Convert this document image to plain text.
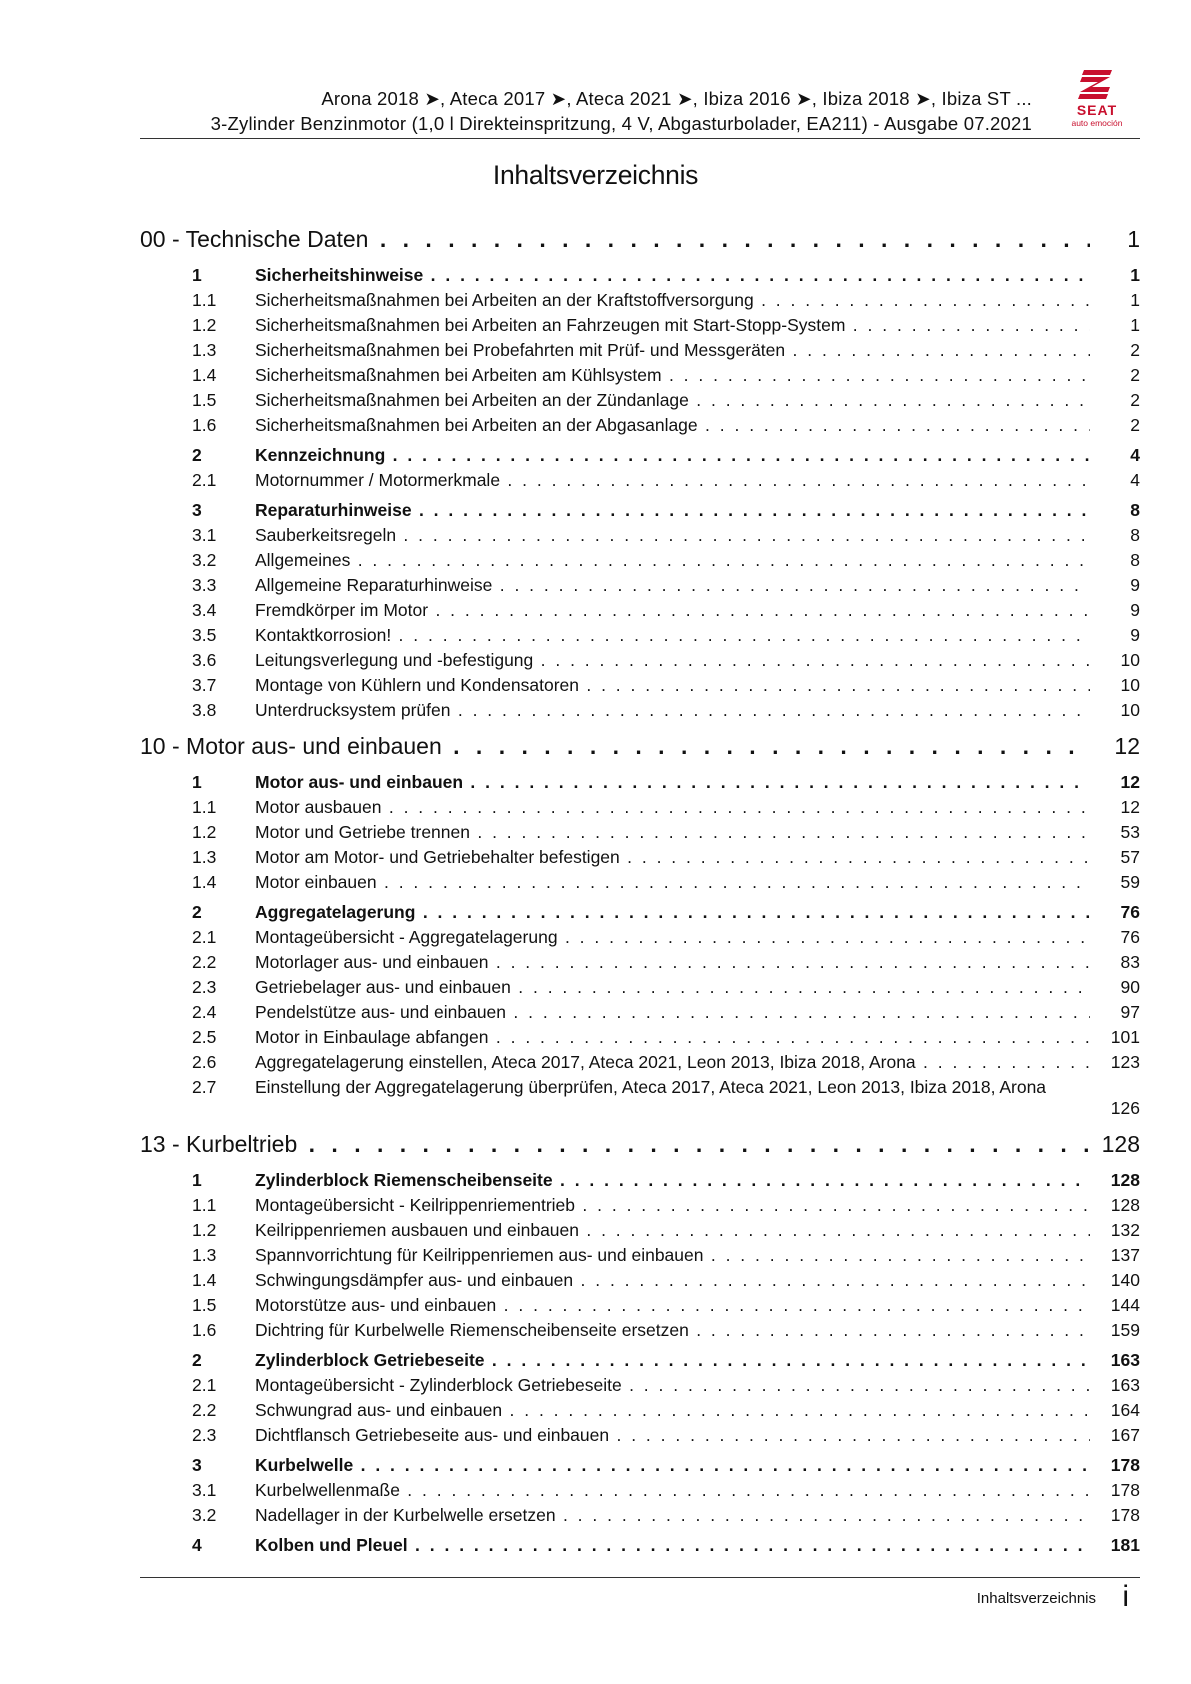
Arona 2018 ➤, Ateca 2017 ➤, Ateca 2021 ➤, Ibiza 2016 ➤, Ibiza 2018 ➤, Ibiza ST ...
3-Zylinder Benzinmotor (1,0 l Direkteinspritzung, 4 V, Abgasturbolader, EA211) - Ausgabe 07.2021
SEAT
auto emoción
Inhaltsverzeichnis
00 - Technische Daten . . .	1
1	Sicherheitshinweise . . .	1
1.1 Sicherheitsmaßnahmen bei Arbeiten an der Kraftstoffversorgung . . .	1
1.2 Sicherheitsmaßnahmen bei Arbeiten an Fahrzeugen mit Start-Stopp-System . . .	1
1.3 Sicherheitsmaßnahmen bei Probefahrten mit Prüf- und Messgeräten . . .	2
1.4 Sicherheitsmaßnahmen bei Arbeiten am Kühlsystem . . .	2
1.5 Sicherheitsmaßnahmen bei Arbeiten an der Zündanlage . . .	2
1.6 Sicherheitsmaßnahmen bei Arbeiten an der Abgasanlage . . .	2
2	Kennzeichnung . . .	4
2.1 Motornummer / Motormerkmale . . .	4
3	Reparaturhinweise . . .	8
3.1 Sauberkeitsregeln . . .	8
3.2 Allgemeines . . .	8
3.3 Allgemeine Reparaturhinweise . . .	9
3.4 Fremdkörper im Motor . . .	9
3.5 Kontaktkorrosion! . . .	9
3.6 Leitungsverlegung und -befestigung . . .	10
3.7 Montage von Kühlern und Kondensatoren . . .	10
3.8 Unterdrucksystem prüfen . . .	10
10 - Motor aus- und einbauen . . .	12
1	Motor aus- und einbauen . . .	12
1.1 Motor ausbauen . . .	12
1.2 Motor und Getriebe trennen . . .	53
1.3 Motor am Motor- und Getriebehalter befestigen . . .	57
1.4 Motor einbauen . . .	59
2	Aggregatelagerung . . .	76
2.1 Montageübersicht - Aggregatelagerung . . .	76
2.2 Motorlager aus- und einbauen . . .	83
2.3 Getriebelager aus- und einbauen . . .	90
2.4 Pendelstütze aus- und einbauen . . .	97
2.5 Motor in Einbaulage abfangen . . .	101
2.6 Aggregatelagerung einstellen, Ateca 2017, Ateca 2021, Leon 2013, Ibiza 2018, Arona . . .	123
2.7 Einstellung der Aggregatelagerung überprüfen, Ateca 2017, Ateca 2021, Leon 2013, Ibiza 2018, Arona
126
13 - Kurbeltrieb . . .	128
1	Zylinderblock Riemenscheibenseite . . .	128
1.1 Montageübersicht - Keilrippenriementrieb . . .	128
1.2 Keilrippenriemen ausbauen und einbauen . . .	132
1.3 Spannvorrichtung für Keilrippenriemen aus- und einbauen . . .	137
1.4 Schwingungsdämpfer aus- und einbauen . . .	140
1.5 Motorstütze aus- und einbauen . . .	144
1.6 Dichtring für Kurbelwelle Riemenscheibenseite ersetzen . . .	159
2	Zylinderblock Getriebeseite . . .	163
2.1 Montageübersicht - Zylinderblock Getriebeseite . . .	163
2.2 Schwungrad aus- und einbauen . . .	164
2.3 Dichtflansch Getriebeseite aus- und einbauen . . .	167
3	Kurbelwelle . . .	178
3.1 Kurbelwellenmaße . . .	178
3.2 Nadellager in der Kurbelwelle ersetzen . . .	178
4	Kolben und Pleuel . . .	181
Inhaltsverzeichnis i
